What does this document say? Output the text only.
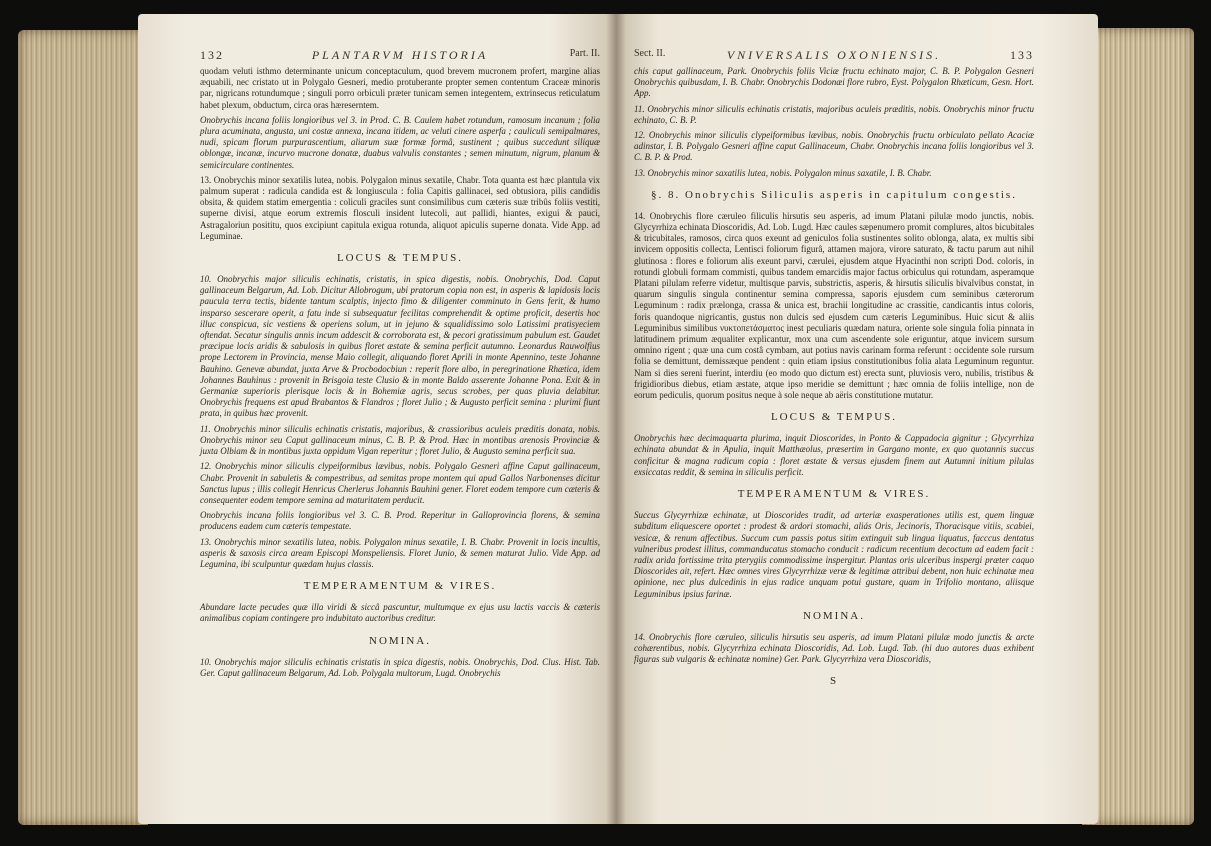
132	PLANTARVM HISTORIA	Part. II.

quodam veluti isthmo determinante unicum conceptaculum, quod brevem mucronem profert, margine alias æquabili, nec cristato ut in Polygalo Gesneri, medio protuberante propter semen contentum Craceæ minoris par, nigricans rotundumque ; singuli porro orbiculi præter tunicam semen integentem, extrinsecus reticulatum habet plexum, obductum, circa oras hæreserntem.

Onobrychis incana foliis longioribus vel 3. in Prod. C. B. Caulem habet rotundum, ramosum incanum ; folia plura acuminata, angusta, uni costæ annexa, incana itidem, ac veluti cinere asperfa ; cauliculi semipalmares, nudi, spicam florum purpurascentium, aliarum suæ formæ formâ, sustinent ; quibus succedunt siliquæ oblongæ, incanæ, incurvo mucrone donatæ, duabus valvulis constantes ; semen minutum, nigrum, planum & semicirculare continentes.

13. Onobrychis minor sexatilis lutea, nobis. Polygalon minus sexatile, Chabr. Tota quanta est hæc plantula vix palmum superat : radicula candida est & longiuscula : folia Capitis gallinacei, sed obtusiora, pilis candidis obsita, & quidem statim emergentia : coliculi graciles sunt consimilibus cum cæteris suæ tribûs foliis vestiti, superne divisi, atque eorum extremis flosculi insident lutecoli, aut pallidi, hiantes, exigui & pauci, Astragaloriun posititu, quos excipiunt capitula exigua rotunda, aliquot apiculis superne donata. Vide App. ad Leguminae.

LOCUS & TEMPUS.

10. Onobrychis major siliculis echinatis, cristatis, in spica digestis, nobis. Onobrychis, Dod. Caput gallinaceum Belgarum, Ad. Lob. Dicitur Allobrogum, ubi pratorum copia non est, in asperis & lapidosis locis paucula terra tectis, bidente tantum scalptis, injecto fimo & diligenter comminuto in Gens ferit, & humo insparso sescerare operit, a fatu inde si subsequatur fecilitas comprehendit & optime proficit, desertis hoc illuc conspicua, sic vestiens & operiens solum, ut in jejuno & squalidissimo solo Latissimi pratisyeciem oftendat. Secatur singulis annis incum addescit & corroborata est, & pecori gratissimum pabulum est. Gaudet præcipue locis aridis & sabulosis in quibus floret æstate & semina perficit autumno. Leonardus Rauwolfius prope Lectorem in Provincia, mense Maio collegit, aliquando floret Aprili in monte Apennino, teste Johanne Bauhino. Genevæ abundat, juxta Arve & Procbodocbiun : reperit flore albo, in peregrinatione Rhætica, idem Johannes Bauhinus : provenit in Brisgoia teste Clusio & in monte Baldo asserente Johanne Pona. Exit & in Germaniæ superioris plerisque locis & in Bohemiæ agris, secus scrobes, per quas pluvia delabitur. Onobrychis frequens est apud Brabantos & Flandros ; floret Julio ; & Augusto perficit semina : plurimi fiunt prata, in quibus hæc provenit.

11. Onobrychis minor siliculis echinatis cristatis, majoribus, & crassioribus aculeis præditis donata, nobis. Onobrychis minor seu Caput gallinaceum minus, C. B. P. & Prod. Hæc in montibus arenosis Provinciæ & juxta Olbiam & in montibus juxta oppidum Vigan reperitur ; floret Julio, & Augusto semina perficit sua.

12. Onobrychis minor siliculis clypeiformibus lævibus, nobis. Polygalo Gesneri affine Caput gallinaceum, Chabr. Provenit in sabuletis & compestribus, ad semitas prope montem qui apud Gallos Narbonenses dicitur Sanctus lupus ; illis collegit Henricus Cherlerus Johannis Bauhini gener. Floret eodem tempore cum cæteris & consequenter eodem tempore semina ad maturitatem perducit.

Onobrychis incana foliis longioribus vel 3. C. B. Prod. Reperitur in Galloprovincia florens, & semina producens eadem cum cæteris tempestate.

13. Onobrychis minor sexatilis lutea, nobis. Polygalon minus sexatile, I. B. Chabr. Provenit in locis incultis, asperis & saxosis circa aream Episcopi Monspeliensis. Floret Junio, & semen maturat Julio. Vide App. ad Legumina, ibi sculpuntur quædam hujus classis.

TEMPERAMENTUM & VIRES.

Abundare lacte pecudes quæ illa viridi & siccâ pascuntur, multumque ex ejus usu lactis vaccis & cæteris animalibus copiam contingere pro indubitato auctoribus creditur.

NOMINA.

10. Onobrychis major siliculis echinatis cristatis in spica digestis, nobis. Onobrychis, Dod. Clus. Hist. Tab. Ger. Caput gallinaceum Belgarum, Ad. Lob. Polygala multorum, Lugd. Onobrychis

Sect. II.	VNIVERSALIS OXONIENSIS.	133

chis caput gallinaceum, Park. Onobrychis foliis Viciæ fructu echinato major, C. B. P. Polygalon Gesneri Onobrychis quibusdam, I. B. Chabr. Onobrychis Dodonæi flore rubro, Eyst. Polygalon Rhæticum, Gesn. Hort. App.

11. Onobrychis minor siliculis echinatis cristatis, majoribus aculeis præditis, nobis. Onobrychis minor fructu echinato, C. B. P.

12. Onobrychis minor siliculis clypeiformibus lævibus, nobis. Onobrychis fructu orbiculato pellato Acaciæ adinstar, I. B. Polygalo Gesneri affine caput Gallinaceum, Chabr. Onobrychis incana foliis longioribus vel 3. C. B. P. & Prod.

13. Onobrychis minor saxatilis lutea, nobis. Polygalon minus saxatile, I. B. Chabr.

§. 8. Onobrychis Siliculis asperis in capitulum congestis.

14. Onobrychis flore cæruleo filiculis hirsutis seu asperis, ad imum Platani pilulæ modo junctis, nobis. Glycyrrhiza echinata Dioscoridis, Ad. Lob. Lugd. Hæc caules sæpenumero promit complures, altos bicubitales & tricubitales, ramosos, circa quos exeunt ad geniculos folia sustinentes solito oblonga, alata, ex multis sibi invicem oppositis collecta, Lentisci foliorum figurâ, attamen majora, virore saturato, & tactu parum aut nihil glutinosa : flores e foliorum alis exeunt parvi, cærulei, ejusdem atque Hyacinthi non scripti Dod. coloris, in rotundi globuli formam commisti, quibus tandem emarcidis major factus orbiculus qui rotundam, asperamque Platani pilulam referre videtur, multisque parvis, substrictis, asperis, & hirsutis siliculis bivalvibus constat, in quarum singulis singula continentur semina compressa, saporis ejusdem cum seminibus cæterorum Leguminum : radix prælonga, crassa & unica est, brachii longitudine ac crassitie, candicantis intus coloris, foris quandoque nigricantis, gustus non dulcis sed ejusdem cum cæteris Leguminibus. Huic sicut & aliis Leguminibus similibus νυκτοπετάσματος inest peculiaris quædam natura, oriente sole singula folia pinnata in latitudinem primum æqualiter explicantur, mox una cum ascendente sole eriguntur, atque invicem sursum omnino rigent ; quæ una cum costâ cymbam, aut potius navis carinam forma referunt : occidente sole rursum folia se demittunt, demissæque pendent : quin etiam ipsius constitutionibus folia alata Leguminum reguntur. Nam si dies sereni fuerint, interdiu (eo modo quo dictum est) erecta sunt, pluviosis vero, nubilis, tristibus & frigidioribus diebus, etiam æstate, atque ipso meridie se demittunt ; hæc omnia de foliis intellige, non de eorum pediculis, quorum positus neque à sole neque ab aëris constitutione mutatur.

LOCUS & TEMPUS.

Onobrychis hæc decimaquarta plurima, inquit Dioscorides, in Ponto & Cappadocia gignitur ; Glycyrrhiza echinata abundat & in Apulia, inquit Matthæolus, præsertim in Gargano monte, ex quo quotannis succus conficitur & magna radicum copia : floret æstate & versus ejusdem finem aut Autumni initium pilulas exsiccatas reddit, & semina in siliculis perficit.

TEMPERAMENTUM & VIRES.

Succus Glycyrrhizæ echinatæ, ut Dioscorides tradit, ad arteriæ exasperationes utilis est, quem linguæ subditum eliquescere oportet : prodest & ardori stomachi, aliás Oris, Jecinoris, Thoracisque vitiis, scabiei, vesicæ, & renum affectibus. Succum cum passis potus sitim extinguit sub lingua liquatus, facccus dentatus vulneribus prodest illitus, commanducatus stomacho conducit : radicum recentium decoctum ad eadem facit : radix arida fortissime trita pterygiis commodissime inspergitur. Plantas oris ulceribus inspergi præter caquo Dioscorides ait, refert. Hæc omnes vires Glycyrrhizæ veræ & legitimæ attribui debent, non huic echinatæ mea opinione, nec plus dulcedinis in ejus radice unquam potui gustare, quam in Trifolio montano, aliisque Leguminibus ipsius farinæ.

NOMINA.

14. Onobrychis flore cæruleo, siliculis hirsutis seu asperis, ad imum Platani pilulæ modo junctis & arcte cohærentibus, nobis. Glycyrrhiza echinata Dioscoridis, Ad. Lob. Lugd. Tab. (hi duo autores duas exhibent figuras sub vulgaris & echinatæ nomine) Ger. Park. Glycyrrhiza vera Dioscoridis,

S
